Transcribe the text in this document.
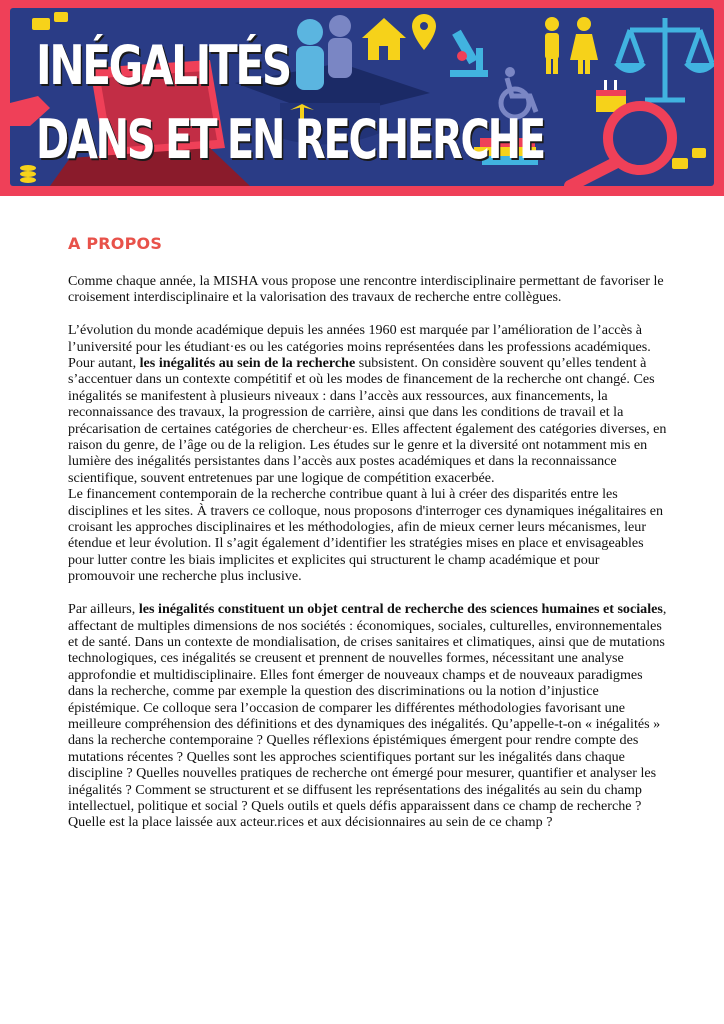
INÉGALITÉS
DANS ET EN RECHERCHE
A PROPOS

Comme chaque année, la MISHA vous propose une rencontre interdisciplinaire permettant de favoriser le croisement interdisciplinaire et la valorisation des travaux de recherche entre collègues.

L’évolution du monde académique depuis les années 1960 est marquée par l’amélioration de l’accès à l’université pour les étudiant·es ou les catégories moins représentées dans les professions académiques. Pour autant, les inégalités au sein de la recherche subsistent. On considère souvent qu’elles tendent à s’accentuer dans un contexte compétitif et où les modes de financement de la recherche ont changé. Ces inégalités se manifestent à plusieurs niveaux : dans l’accès aux ressources, aux financements, la reconnaissance des travaux, la progression de carrière, ainsi que dans les conditions de travail et la précarisation de certaines catégories de chercheur·es. Elles affectent également des catégories diverses, en raison du genre, de l’âge ou de la religion. Les études sur le genre et la diversité ont notamment mis en lumière des inégalités persistantes dans l’accès aux postes académiques et dans la reconnaissance scientifique, souvent entretenues par une logique de compétition exacerbée.

Le financement contemporain de la recherche contribue quant à lui à créer des disparités entre les disciplines et les sites. À travers ce colloque, nous proposons d'interroger ces dynamiques inégalitaires en croisant les approches disciplinaires et les méthodologies, afin de mieux cerner leurs mécanismes, leur étendue et leur évolution. Il s’agit également d’identifier les stratégies mises en place et envisageables pour lutter contre les biais implicites et explicites qui structurent le champ académique et pour promouvoir une recherche plus inclusive.

Par ailleurs, les inégalités constituent un objet central de recherche des sciences humaines et sociales, affectant de multiples dimensions de nos sociétés : économiques, sociales, culturelles, environnementales et de santé. Dans un contexte de mondialisation, de crises sanitaires et climatiques, ainsi que de mutations technologiques, ces inégalités se creusent et prennent de nouvelles formes, nécessitant une analyse approfondie et multidisciplinaire. Elles font émerger de nouveaux champs et de nouveaux paradigmes dans la recherche, comme par exemple la question des discriminations ou la notion d’injustice épistémique. Ce colloque sera l’occasion de comparer les différentes méthodologies favorisant une meilleure compréhension des définitions et des dynamiques des inégalités. Qu’appelle-t-on « inégalités » dans la recherche contemporaine ? Quelles réflexions épistémiques émergent pour rendre compte des mutations récentes ? Quelles sont les approches scientifiques portant sur les inégalités dans chaque discipline ? Quelles nouvelles pratiques de recherche ont émergé pour mesurer, quantifier et analyser les inégalités ? Comment se structurent et se diffusent les représentations des inégalités au sein du champ intellectuel, politique et social ? Quels outils et quels défis apparaissent dans ce champ de recherche ? Quelle est la place laissée aux acteur.rices et aux décisionnaires au sein de ce champ ?
